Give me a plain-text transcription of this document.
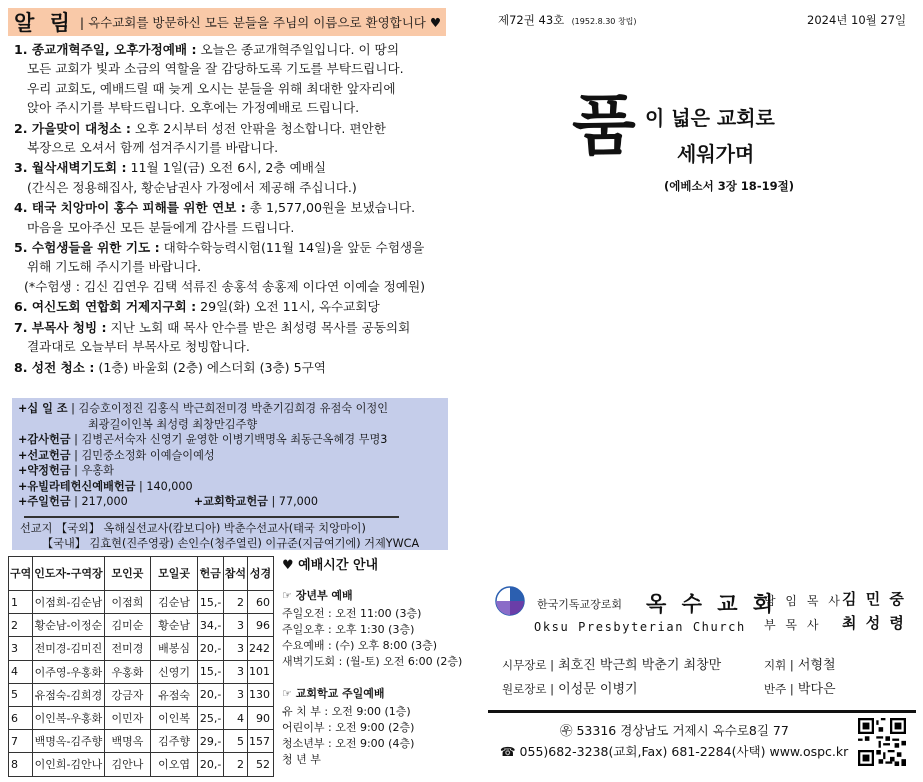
알 림 | 옥수교회를 방문하신 모든 분들을 주님의 이름으로 환영합니다 ♥
1. 종교개혁주일, 오후가정예배 : 오늘은 종교개혁주일입니다. 이 땅의
모든 교회가 빛과 소금의 역할을 잘 감당하도록 기도를 부탁드립니다.
우리 교회도, 예배드릴 때 늦게 오시는 분들을 위해 최대한 앞자리에
앉아 주시기를 부탁드립니다. 오후에는 가정예배로 드립니다.
2. 가을맞이 대청소 : 오후 2시부터 성전 안팎을 청소합니다. 편안한
복장으로 오셔서 함께 섬겨주시기를 바랍니다.
3. 월삭새벽기도회 : 11월 1일(금) 오전 6시, 2층 예배실
(간식은 정용해집사, 황순남권사 가정에서 제공해 주십니다.)
4. 태국 치앙마이 홍수 피해를 위한 연보 : 총 1,577,00원을 보냈습니다.
마음을 모아주신 모든 분들에게 감사를 드립니다.
5. 수험생들을 위한 기도 : 대학수학능력시험(11월 14일)을 앞둔 수험생을
위해 기도해 주시기를 바랍니다.
(*수험생 : 김신 김연우 김택 석류진 송홍석 송홍제 이다연 이예슬 정예원)
6. 여신도회 연합회 거제지구회 : 29일(화) 오전 11시, 옥수교회당
7. 부목사 청빙 : 지난 노회 때 목사 안수를 받은 최성령 목사를 공동의회
결과대로 오늘부터 부목사로 청빙합니다.
8. 성전 청소 : (1층) 바울회 (2층) 에스더회 (3층) 5구역
+십 일 조 | 김승호이정진 김홍식 박근희전미경 박춘기김희경 유점숙 이정인
최광길이인복 최성령 최창만김주향
+감사헌금 | 김병곤서숙자 신영기 윤영한 이병기백명옥 최동근옥혜경 무명3
+선교헌금 | 김민중소정화 이예슬이예성
+약정헌금 | 우홍화
+유빌라테헌신예배헌금 | 140,000
+주일헌금 | 217,000	+교회학교헌금 | 77,000
선교지 【국외】 옥해실선교사(캄보디아) 박춘수선교사(태국 치앙마이)
【국내】 김효현(진주영광) 손인수(청주열린) 이규준(지금여기에) 거제YWCA
구역	인도자-구역장	모인곳	모일곳	헌금	참석	성경
1	이점희-김순남	이점희	김순남	15,-	2	60
2	황순남-이정순	김미순	황순남	34,-	3	96
3	전미경-김미진	전미경	배봉심	20,-	3	242
4	이주영-우홍화	우홍화	신영기	15,-	3	101
5	유점숙-김희경	강금자	유점숙	20,-	3	130
6	이인복-우홍화	이민자	이인복	25,-	4	90
7	백명옥-김주향	백명옥	김주향	29,-	5	157
8	이인희-김안나	김안나	이오엽	20,-	2	52
♥ 예배시간 안내
☞ 장년부 예배
주일오전 : 오전 11:00 (3층)
주일오후 : 오후 1:30 (3층)
수요예배 : (수) 오후 8:00 (3층)
새벽기도회 : (월-토) 오전 6:00 (2층)
☞ 교회학교 주일예배
유 치 부 : 오전 9:00 (1층)
어린이부 : 오전 9:00 (2층)
청소년부 : 오전 9:00 (4층)
청 년 부
제72권 43호 (1952.8.30 창립)	2024년 10월 27일
품 이 넓은 교회로
세워가며
(에베소서 3장 18-19절)
한국기독교장로회 옥 수 교 회
Oksu Presbyterian Church
담 임 목 사 김 민 중
부 목 사 최 성 령
시무장로 | 최호진 박근희 박춘기 최창만
원로장로 | 이성문 이병기
지휘 | 서형철
반주 | 박다은
㉾ 53316 경상남도 거제시 옥수로8길 77
☎ 055)682-3238(교회,Fax) 681-2284(사택) www.ospc.kr
